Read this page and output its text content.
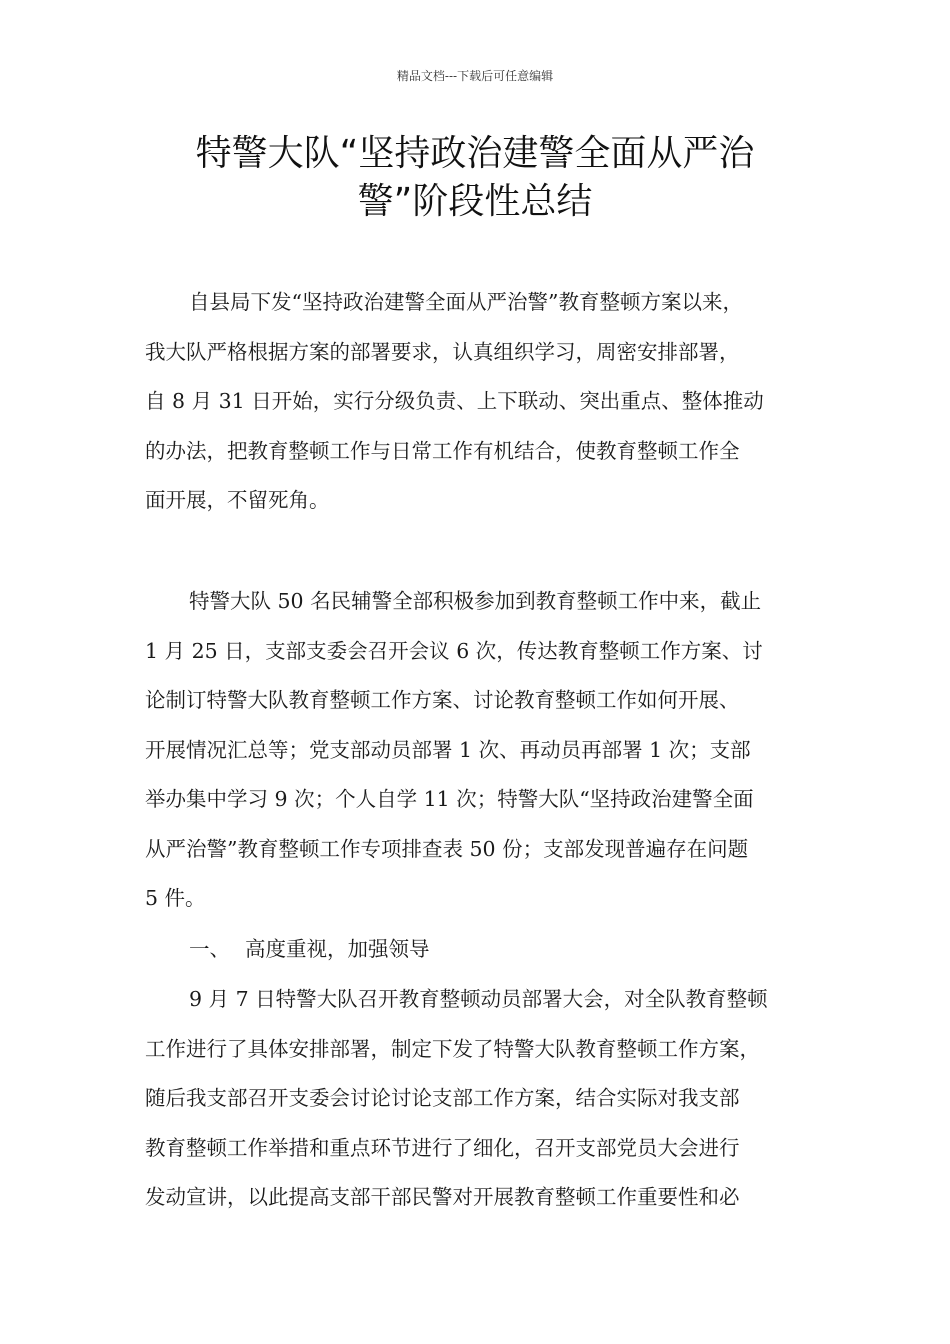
精品文档---下载后可任意编辑
特警大队“坚持政治建警全面从严治
警”阶段性总结
自县局下发“坚持政治建警全面从严治警”教育整顿方案以来，
我大队严格根据方案的部署要求，认真组织学习，周密安排部署，
自 8 月 31 日开始，实行分级负责、上下联动、突出重点、整体推动
的办法，把教育整顿工作与日常工作有机结合，使教育整顿工作全
面开展，不留死角。
特警大队 50 名民辅警全部积极参加到教育整顿工作中来，截止
1 月 25 日，支部支委会召开会议 6 次，传达教育整顿工作方案、讨
论制订特警大队教育整顿工作方案、讨论教育整顿工作如何开展、
开展情况汇总等；党支部动员部署 1 次、再动员再部署 1 次；支部
举办集中学习 9 次；个人自学 11 次；特警大队“坚持政治建警全面
从严治警”教育整顿工作专项排查表 50 份；支部发现普遍存在问题
5 件。
一、 高度重视，加强领导
9 月 7 日特警大队召开教育整顿动员部署大会，对全队教育整顿
工作进行了具体安排部署，制定下发了特警大队教育整顿工作方案，
随后我支部召开支委会讨论讨论支部工作方案，结合实际对我支部
教育整顿工作举措和重点环节进行了细化，召开支部党员大会进行
发动宣讲，以此提高支部干部民警对开展教育整顿工作重要性和必
